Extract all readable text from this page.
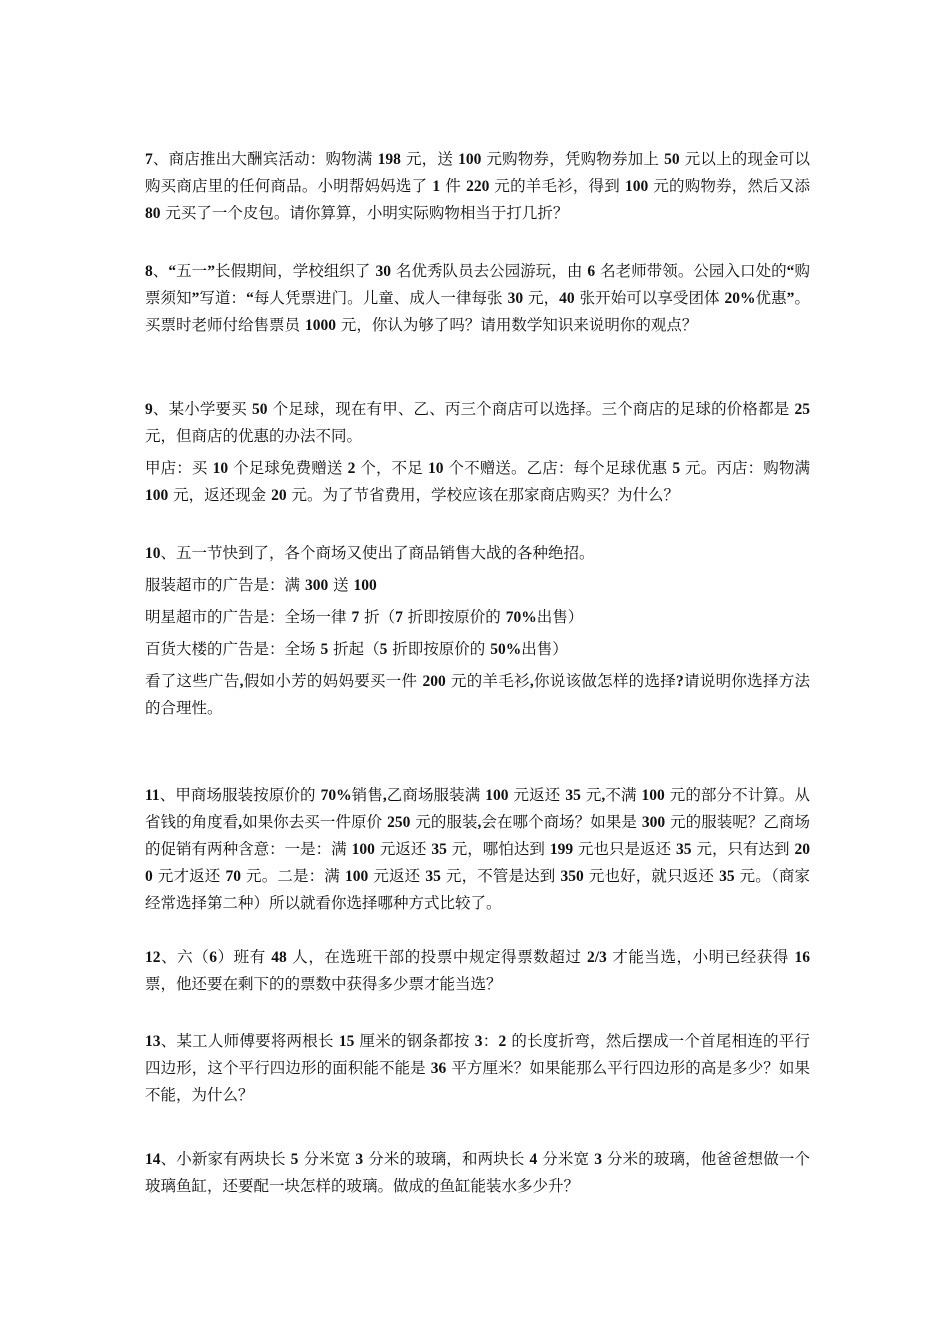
7、商店推出大酬宾活动：购物满 198 元，送 100 元购物券，凭购物券加上 50 元以上的现金可以购买商店里的任何商品。小明帮妈妈选了 1 件 220 元的羊毛衫，得到 100 元的购物券，然后又添 80 元买了一个皮包。请你算算，小明实际购物相当于打几折？

8、“五一”长假期间，学校组织了 30 名优秀队员去公园游玩，由 6 名老师带领。公园入口处的“购票须知”写道：“每人凭票进门。儿童、成人一律每张 30 元，40 张开始可以享受团体 20%优惠”。买票时老师付给售票员 1000 元，你认为够了吗？请用数学知识来说明你的观点？

9、某小学要买 50 个足球，现在有甲、乙、丙三个商店可以选择。三个商店的足球的价格都是 25 元，但商店的优惠的办法不同。

甲店：买 10 个足球免费赠送 2 个，不足 10 个不赠送。乙店：每个足球优惠 5 元。丙店：购物满 100 元，返还现金 20 元。为了节省费用，学校应该在那家商店购买？为什么？

10、五一节快到了，各个商场又使出了商品销售大战的各种绝招。

服装超市的广告是：满 300 送 100

明星超市的广告是：全场一律 7 折（7 折即按原价的 70%出售）

百货大楼的广告是：全场 5 折起（5 折即按原价的 50%出售）

看了这些广告,假如小芳的妈妈要买一件 200 元的羊毛衫,你说该做怎样的选择?请说明你选择方法的合理性。

11、甲商场服装按原价的 70%销售,乙商场服装满 100 元返还 35 元,不满 100 元的部分不计算。从省钱的角度看,如果你去买一件原价 250 元的服装,会在哪个商场？如果是 300 元的服装呢？乙商场的促销有两种含意：一是：满 100 元返还 35 元，哪怕达到 199 元也只是返还 35 元，只有达到 200 元才返还 70 元。二是：满 100 元返还 35 元，不管是达到 350 元也好，就只返还 35 元。（商家经常选择第二种）所以就看你选择哪种方式比较了。

12、六（6）班有 48 人，在选班干部的投票中规定得票数超过 2/3 才能当选，小明已经获得 16 票，他还要在剩下的的票数中获得多少票才能当选？

13、某工人师傅要将两根长 15 厘米的钢条都按 3：2 的长度折弯，然后摆成一个首尾相连的平行四边形，这个平行四边形的面积能不能是 36 平方厘米？如果能那么平行四边形的高是多少？如果不能，为什么？

14、小新家有两块长 5 分米宽 3 分米的玻璃，和两块长 4 分米宽 3 分米的玻璃，他爸爸想做一个玻璃鱼缸，还要配一块怎样的玻璃。做成的鱼缸能装水多少升？
